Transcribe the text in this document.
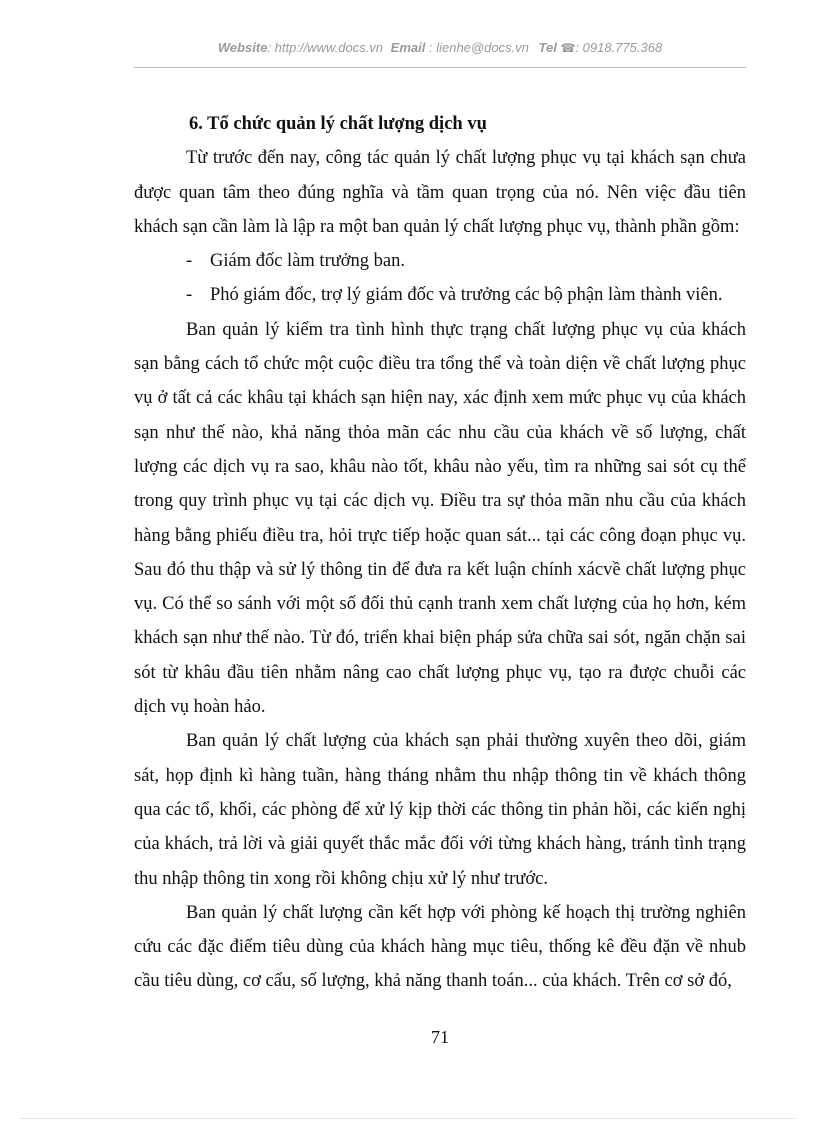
Website: http://www.docs.vn Email : lienhe@docs.vn Tel ☎: 0918.775.368

6. Tổ chức quản lý chất lượng dịch vụ

Từ trước đến nay, công tác quản lý chất lượng phục vụ tại khách sạn chưa được quan tâm theo đúng nghĩa và tầm quan trọng của nó. Nên việc đầu tiên khách sạn cần làm là lập ra một ban quản lý chất lượng phục vụ, thành phần gồm:

- Giám đốc làm trưởng ban.

- Phó giám đốc, trợ lý giám đốc và trưởng các bộ phận làm thành viên.

Ban quản lý kiểm tra tình hình thực trạng chất lượng phục vụ của khách sạn bằng cách tổ chức một cuộc điều tra tổng thể và toàn diện về chất lượng phục vụ ở tất cả các khâu tại khách sạn hiện nay, xác định xem mức phục vụ của khách sạn như thế nào, khả năng thỏa mãn các nhu cầu của khách về số lượng, chất lượng các dịch vụ ra sao, khâu nào tốt, khâu nào yếu, tìm ra những sai sót cụ thể trong quy trình phục vụ tại các dịch vụ. Điều tra sự thỏa mãn nhu cầu của khách hàng bằng phiếu điều tra, hỏi trực tiếp hoặc quan sát... tại các công đoạn phục vụ. Sau đó thu thập và sử lý thông tin để đưa ra kết luận chính xácvề chất lượng phục vụ. Có thể so sánh với một số đối thủ cạnh tranh xem chất lượng của họ hơn, kém khách sạn như thế nào. Từ đó, triển khai biện pháp sửa chữa sai sót, ngăn chặn sai sót từ khâu đầu tiên nhằm nâng cao chất lượng phục vụ, tạo ra được chuỗi các dịch vụ hoàn hảo.

Ban quản lý chất lượng của khách sạn phải thường xuyên theo dõi, giám sát, họp định kì hàng tuần, hàng tháng nhằm thu nhập thông tin về khách thông qua các tổ, khối, các phòng để xử lý kịp thời các thông tin phản hồi, các kiến nghị của khách, trả lời và giải quyết thắc mắc đối với từng khách hàng, tránh tình trạng thu nhập thông tin xong rồi không chịu xử lý như trước.

Ban quản lý chất lượng cần kết hợp với phòng kế hoạch thị trường nghiên cứu các đặc điểm tiêu dùng của khách hàng mục tiêu, thống kê đều đặn về nhub cầu tiêu dùng, cơ cấu, số lượng, khả năng thanh toán... của khách. Trên cơ sở đó,

71
